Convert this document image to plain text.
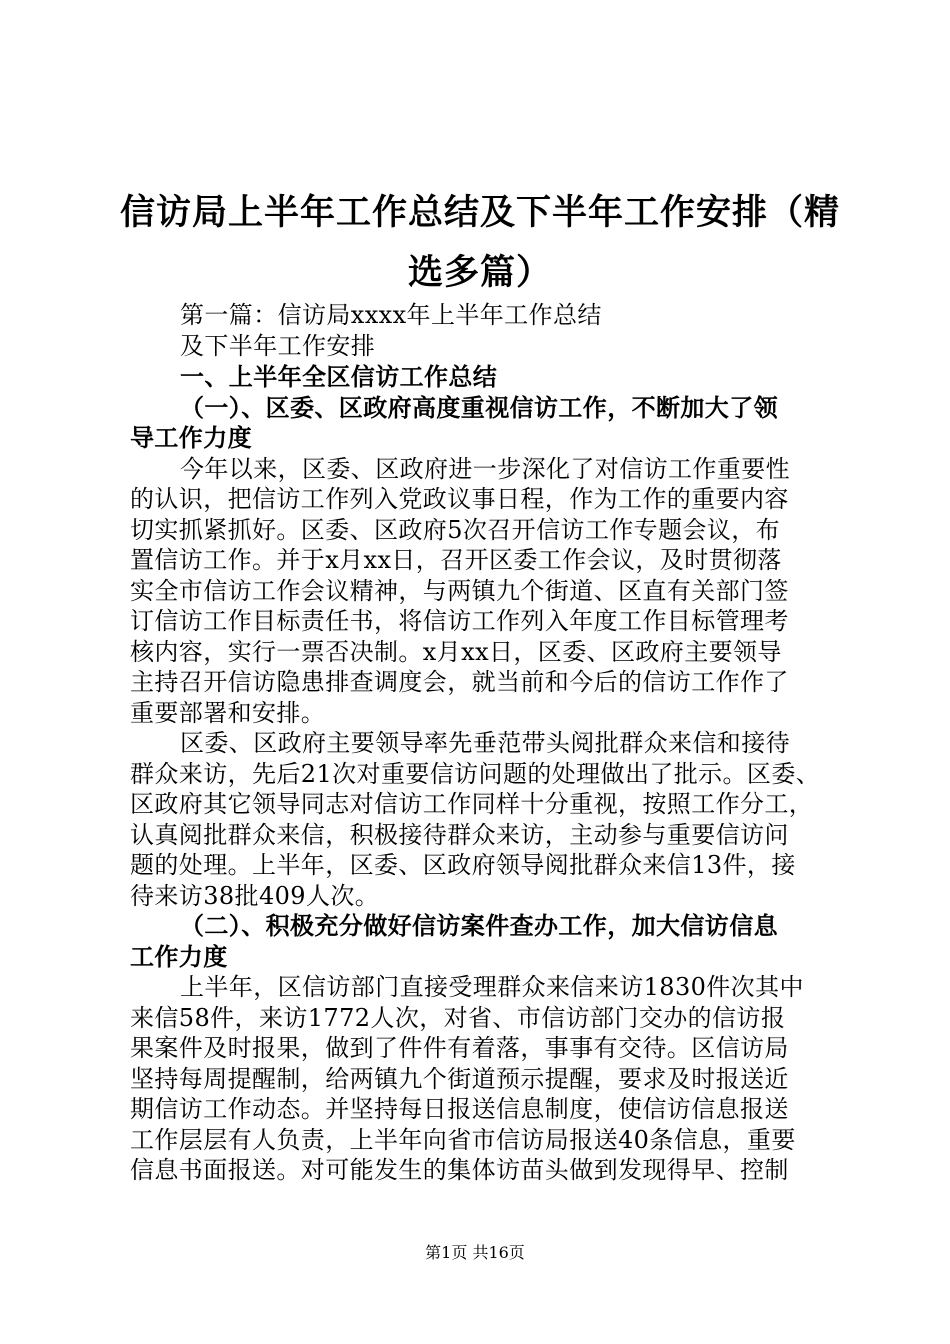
信访局上半年工作总结及下半年工作安排（精
选多篇）
第一篇：信访局xxxx年上半年工作总结
及下半年工作安排
一、上半年全区信访工作总结
（一）、区委、区政府高度重视信访工作，不断加大了领
导工作力度
今年以来，区委、区政府进一步深化了对信访工作重要性
的认识，把信访工作列入党政议事日程，作为工作的重要内容
切实抓紧抓好。区委、区政府5次召开信访工作专题会议，布
置信访工作。并于x月xx日，召开区委工作会议，及时贯彻落
实全市信访工作会议精神，与两镇九个街道、区直有关部门签
订信访工作目标责任书，将信访工作列入年度工作目标管理考
核内容，实行一票否决制。x月xx日，区委、区政府主要领导
主持召开信访隐患排查调度会，就当前和今后的信访工作作了
重要部署和安排。
区委、区政府主要领导率先垂范带头阅批群众来信和接待
群众来访，先后21次对重要信访问题的处理做出了批示。区委、
区政府其它领导同志对信访工作同样十分重视，按照工作分工，
认真阅批群众来信，积极接待群众来访，主动参与重要信访问
题的处理。上半年，区委、区政府领导阅批群众来信13件，接
待来访38批409人次。
（二）、积极充分做好信访案件查办工作，加大信访信息
工作力度
上半年，区信访部门直接受理群众来信来访1830件次其中
来信58件，来访1772人次，对省、市信访部门交办的信访报
果案件及时报果，做到了件件有着落，事事有交待。区信访局
坚持每周提醒制，给两镇九个街道预示提醒，要求及时报送近
期信访工作动态。并坚持每日报送信息制度，使信访信息报送
工作层层有人负责，上半年向省市信访局报送40条信息，重要
信息书面报送。对可能发生的集体访苗头做到发现得早、控制
第1页 共16页
